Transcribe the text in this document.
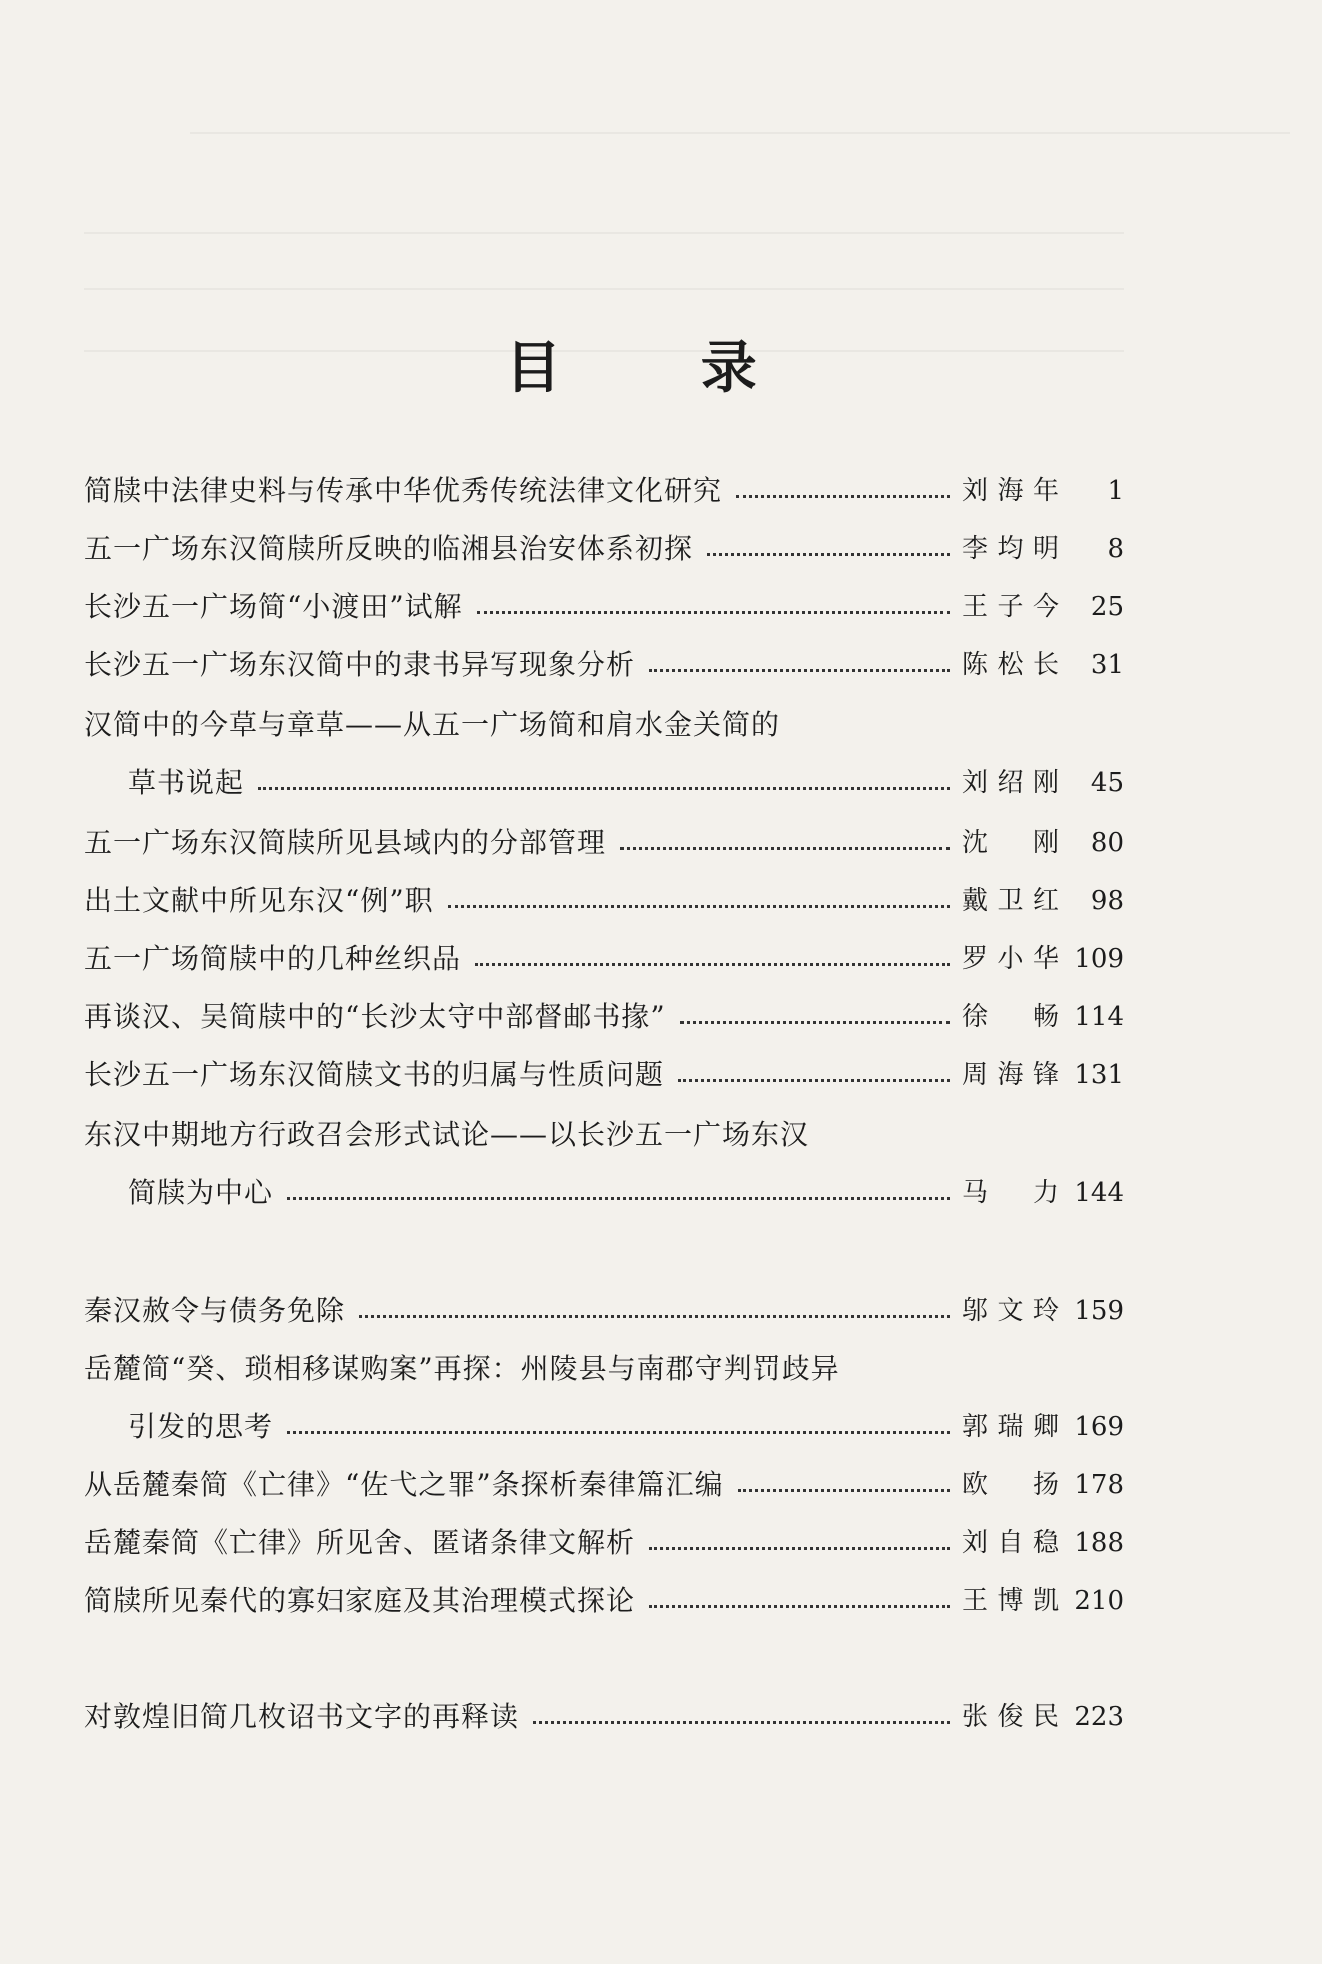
目 录
简牍中法律史料与传承中华优秀传统法律文化研究	刘海年	1
五一广场东汉简牍所反映的临湘县治安体系初探	李均明	8
长沙五一广场简“小渡田”试解	王子今	25
长沙五一广场东汉简中的隶书异写现象分析	陈松长	31
汉简中的今草与章草——从五一广场简和肩水金关简的
草书说起	刘绍刚	45
五一广场东汉简牍所见县域内的分部管理	沈 刚	80
出土文献中所见东汉“例”职	戴卫红	98
五一广场简牍中的几种丝织品	罗小华 109
再谈汉、吴简牍中的“长沙太守中部督邮书掾”	徐 畅 114
长沙五一广场东汉简牍文书的归属与性质问题	周海锋 131
东汉中期地方行政召会形式试论——以长沙五一广场东汉
简牍为中心	马 力 144
秦汉赦令与债务免除	邬文玲 159
岳麓简“癸、琐相移谋购案”再探：州陵县与南郡守判罚歧异
引发的思考	郭瑞卿 169
从岳麓秦简《亡律》“佐弋之罪”条探析秦律篇汇编	欧 扬 178
岳麓秦简《亡律》所见舍、匿诸条律文解析	刘自稳 188
简牍所见秦代的寡妇家庭及其治理模式探论	王博凯 210
对敦煌旧简几枚诏书文字的再释读	张俊民 223
